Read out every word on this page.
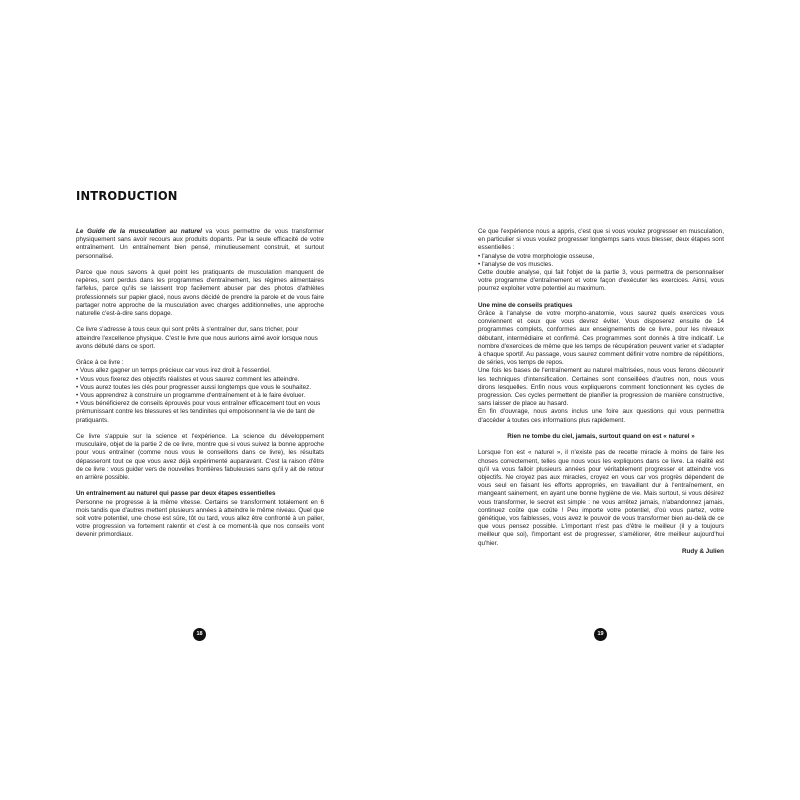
INTRODUCTION

Le Guide de la musculation au naturel va vous permettre de vous transformer physiquement sans avoir recours aux produits dopants. Par la seule efficacité de votre entraînement. Un entraînement bien pensé, minutieusement construit, et surtout personnalisé.

Parce que nous savons à quel point les pratiquants de musculation manquent de repères, sont perdus dans les programmes d'entraînement, les régimes alimentaires farfelus, parce qu'ils se laissent trop facilement abuser par des photos d'athlètes professionnels sur papier glacé, nous avons décidé de prendre la parole et de vous faire partager notre approche de la musculation avec charges additionnelles, une approche naturelle c'est-à-dire sans dopage.

Ce livre s'adresse à tous ceux qui sont prêts à s'entraîner dur, sans tricher, pour atteindre l'excellence physique. C'est le livre que nous aurions aimé avoir lorsque nous avons débuté dans ce sport.

Grâce à ce livre :
• Vous allez gagner un temps précieux car vous irez droit à l'essentiel.
• Vous vous fixerez des objectifs réalistes et vous saurez comment les atteindre.
• Vous aurez toutes les clés pour progresser aussi longtemps que vous le souhaitez.
• Vous apprendrez à construire un programme d'entraînement et à le faire évoluer.
• Vous bénéficierez de conseils éprouvés pour vous entraîner efficacement tout en vous prémunissant contre les blessures et les tendinites qui empoisonnent la vie de tant de pratiquants.

Ce livre s'appuie sur la science et l'expérience. La science du développement musculaire, objet de la partie 2 de ce livre, montre que si vous suivez la bonne approche pour vous entraîner (comme nous vous le conseillons dans ce livre), les résultats dépasseront tout ce que vous avez déjà expérimenté auparavant. C'est la raison d'être de ce livre : vous guider vers de nouvelles frontières fabuleuses sans qu'il y ait de retour en arrière possible.

Un entraînement au naturel qui passe par deux étapes essentielles

Personne ne progresse à la même vitesse. Certains se transforment totalement en 6 mois tandis que d'autres mettent plusieurs années à atteindre le même niveau. Quel que soit votre potentiel, une chose est sûre, tôt ou tard, vous allez être confronté à un palier, votre progression va fortement ralentir et c'est à ce moment-là que nos conseils vont devenir primordiaux.

18

Ce que l'expérience nous a appris, c'est que si vous voulez progresser en musculation, en particulier si vous voulez progresser longtemps sans vous blesser, deux étapes sont essentielles :

• l'analyse de votre morphologie osseuse,
• l'analyse de vos muscles.

Cette double analyse, qui fait l'objet de la partie 3, vous permettra de personnaliser votre programme d'entraînement et votre façon d'exécuter les exercices. Ainsi, vous pourrez exploiter votre potentiel au maximum.

Une mine de conseils pratiques

Grâce à l'analyse de votre morpho-anatomie, vous saurez quels exercices vous conviennent et ceux que vous devrez éviter. Vous disposerez ensuite de 14 programmes complets, conformes aux enseignements de ce livre, pour les niveaux débutant, intermédiaire et confirmé. Ces programmes sont donnés à titre indicatif. Le nombre d'exercices de même que les temps de récupération peuvent varier et s'adapter à chaque sportif. Au passage, vous saurez comment définir votre nombre de répétitions, de séries, vos temps de repos.

Une fois les bases de l'entraînement au naturel maîtrisées, nous vous ferons découvrir les techniques d'intensification. Certaines sont conseillées d'autres non, nous vous dirons lesquelles. Enfin nous vous expliquerons comment fonctionnent les cycles de progression. Ces cycles permettent de planifier la progression de manière constructive, sans laisser de place au hasard.

En fin d'ouvrage, nous avons inclus une foire aux questions qui vous permettra d'accéder à toutes ces informations plus rapidement.

Rien ne tombe du ciel, jamais, surtout quand on est « naturel »

Lorsque l'on est « naturel », il n'existe pas de recette miracle à moins de faire les choses correctement, telles que nous vous les expliquons dans ce livre. La réalité est qu'il va vous falloir plusieurs années pour véritablement progresser et atteindre vos objectifs. Ne croyez pas aux miracles, croyez en vous car vos progrès dépendent de vous seul en faisant les efforts appropriés, en travaillant dur à l'entraînement, en mangeant sainement, en ayant une bonne hygiène de vie. Mais surtout, si vous désirez vous transformer, le secret est simple : ne vous arrêtez jamais, n'abandonnez jamais, continuez coûte que coûte ! Peu importe votre potentiel, d'où vous partez, votre génétique, vos faiblesses, vous avez le pouvoir de vous transformer bien au-delà de ce que vous pensez possible. L'important n'est pas d'être le meilleur (il y a toujours meilleur que soi), l'important est de progresser, s'améliorer, être meilleur aujourd'hui qu'hier.

Rudy & Julien

19
